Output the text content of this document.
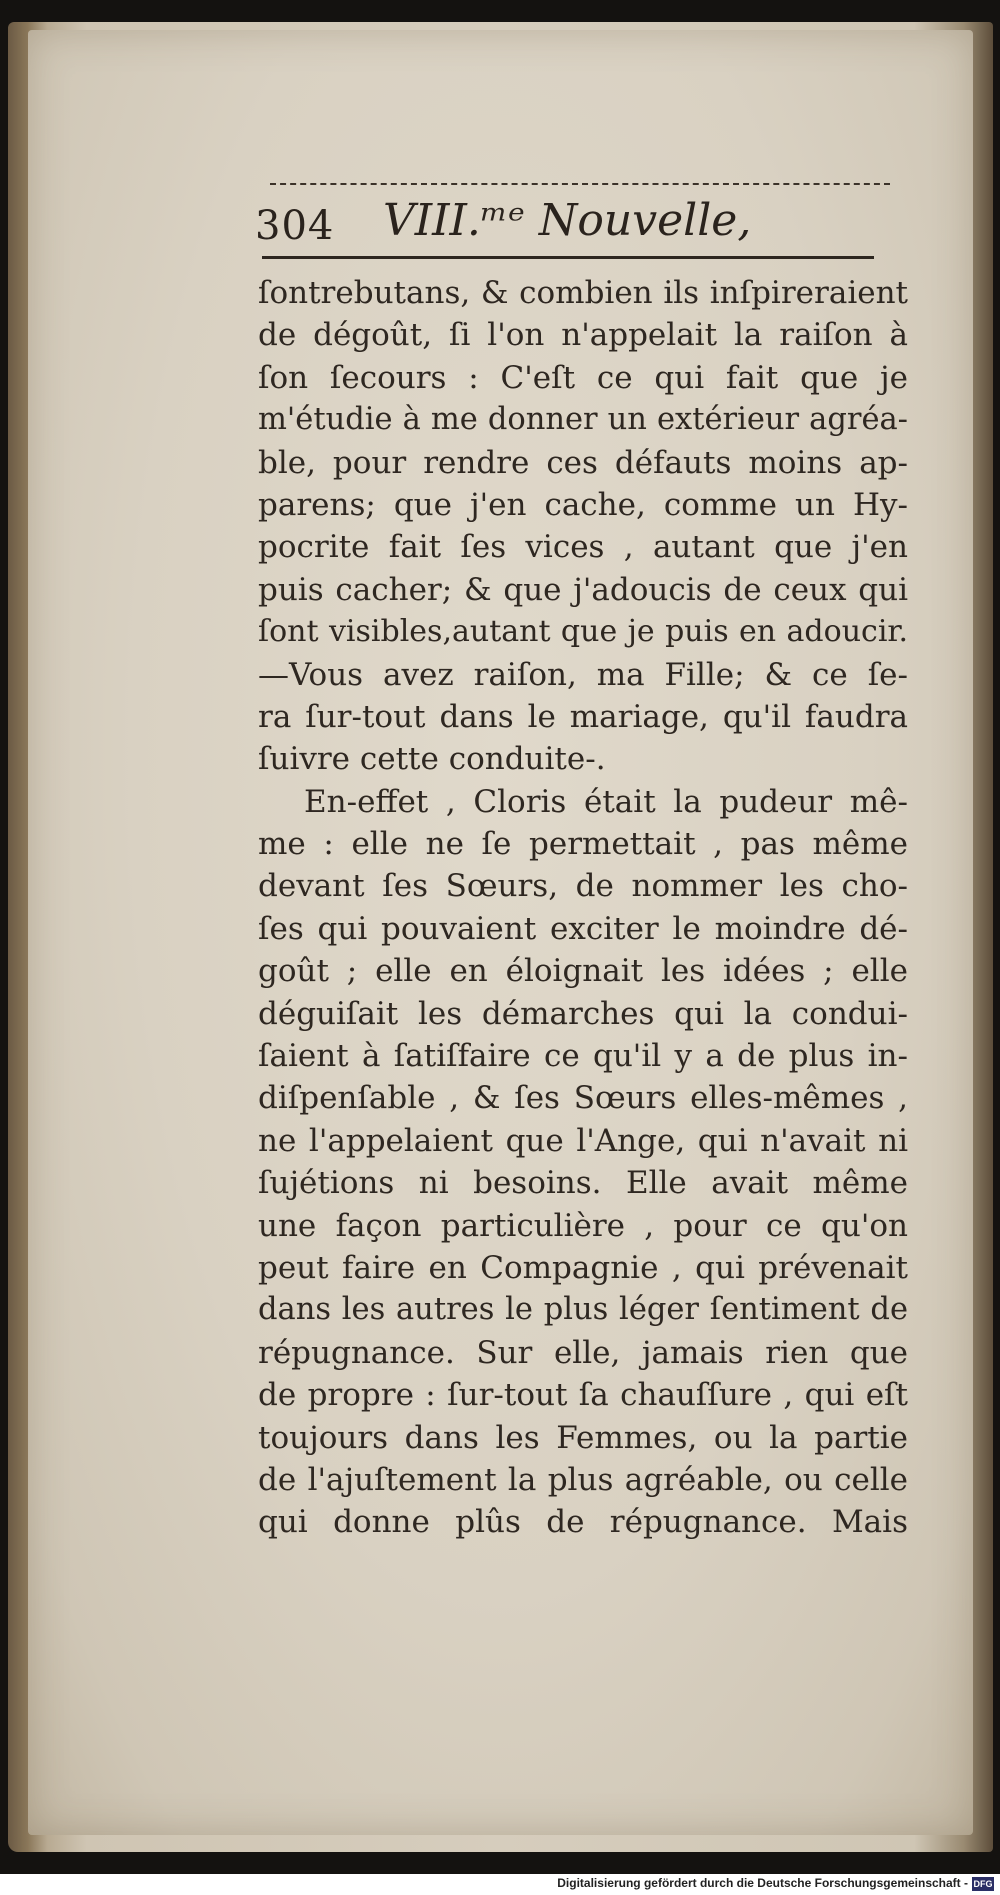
304 VIII.ᵐᵉ Nouvelle,
ſontrebutans, & combien ils inſpireraient
de dégoût, ſi l'on n'appelait la raiſon à
ſon ſecours : C'eſt ce qui fait que je
m'étudie à me donner un extérieur agréa-
ble, pour rendre ces défauts moins ap-
parens; que j'en cache, comme un Hy-
pocrite fait ſes vices , autant que j'en
puis cacher; & que j'adoucis de ceux qui
ſont visibles,autant que je puis en adoucir.
—Vous avez raiſon, ma Fille; & ce ſe-
ra ſur-tout dans le mariage, qu'il faudra
ſuivre cette conduite-.
En-effet , Cloris était la pudeur mê-
me : elle ne ſe permettait , pas même
devant ſes Sœurs, de nommer les cho-
ſes qui pouvaient exciter le moindre dé-
goût ; elle en éloignait les idées ; elle
déguiſait les démarches qui la condui-
ſaient à ſatiſfaire ce qu'il y a de plus in-
diſpenſable , & ſes Sœurs elles-mêmes ,
ne l'appelaient que l'Ange, qui n'avait ni
ſujétions ni besoins. Elle avait même
une façon particulière , pour ce qu'on
peut faire en Compagnie , qui prévenait
dans les autres le plus léger ſentiment de
répugnance. Sur elle, jamais rien que
de propre : ſur-tout ſa chauſſure , qui eſt
toujours dans les Femmes, ou la partie
de l'ajuſtement la plus agréable, ou celle
qui donne plûs de répugnance. Mais
Digitalisierung gefördert durch die Deutsche Forschungsgemeinschaft - DFG
